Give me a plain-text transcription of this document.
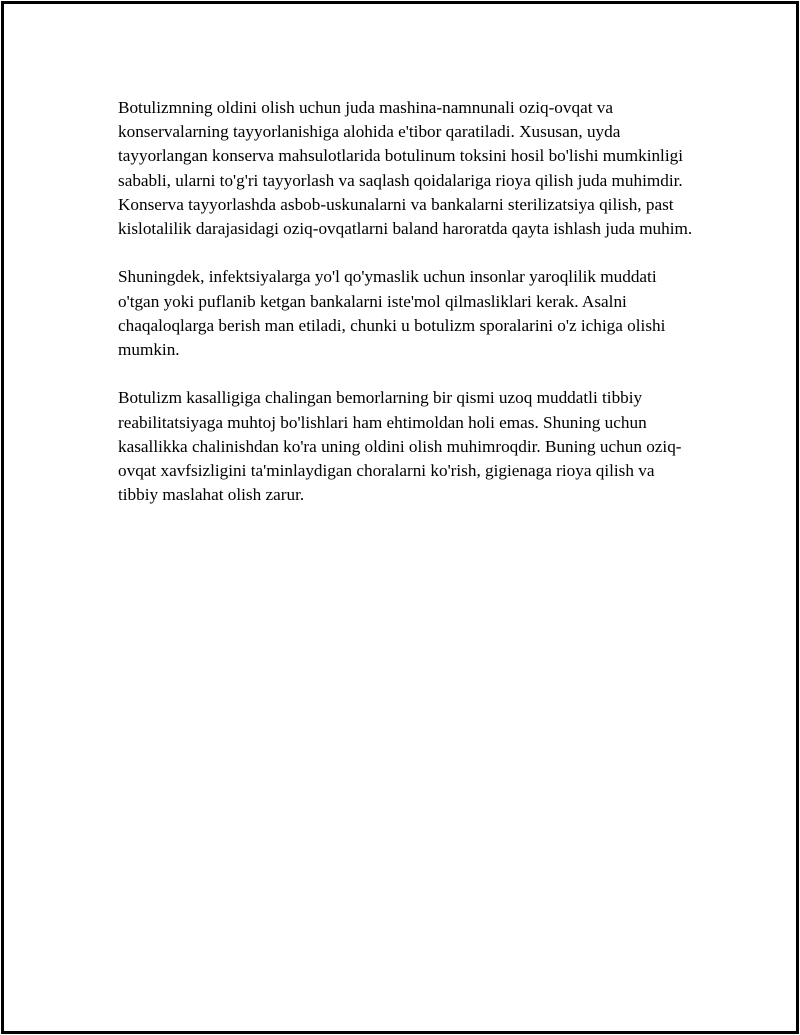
Botulizmning oldini olish uchun juda mashina-namnunali oziq-ovqat va konservalarning tayyorlanishiga alohida e'tibor qaratiladi. Xususan, uyda tayyorlangan konserva mahsulotlarida botulinum toksini hosil bo'lishi mumkinligi sababli, ularni to'g'ri tayyorlash va saqlash qoidalariga rioya qilish juda muhimdir. Konserva tayyorlashda asbob-uskunalarni va bankalarni sterilizatsiya qilish, past kislotalilik darajasidagi oziq-ovqatlarni baland haroratda qayta ishlash juda muhim.

Shuningdek, infektsiyalarga yo'l qo'ymaslik uchun insonlar yaroqlilik muddati o'tgan yoki puflanib ketgan bankalarni iste'mol qilmasliklari kerak. Asalni chaqaloqlarga berish man etiladi, chunki u botulizm sporalarini o'z ichiga olishi mumkin.

Botulizm kasalligiga chalingan bemorlarning bir qismi uzoq muddatli tibbiy reabilitatsiyaga muhtoj bo'lishlari ham ehtimoldan holi emas. Shuning uchun kasallikka chalinishdan ko'ra uning oldini olish muhimroqdir. Buning uchun oziq-ovqat xavfsizligini ta'minlaydigan choralarni ko'rish, gigienaga rioya qilish va tibbiy maslahat olish zarur.
